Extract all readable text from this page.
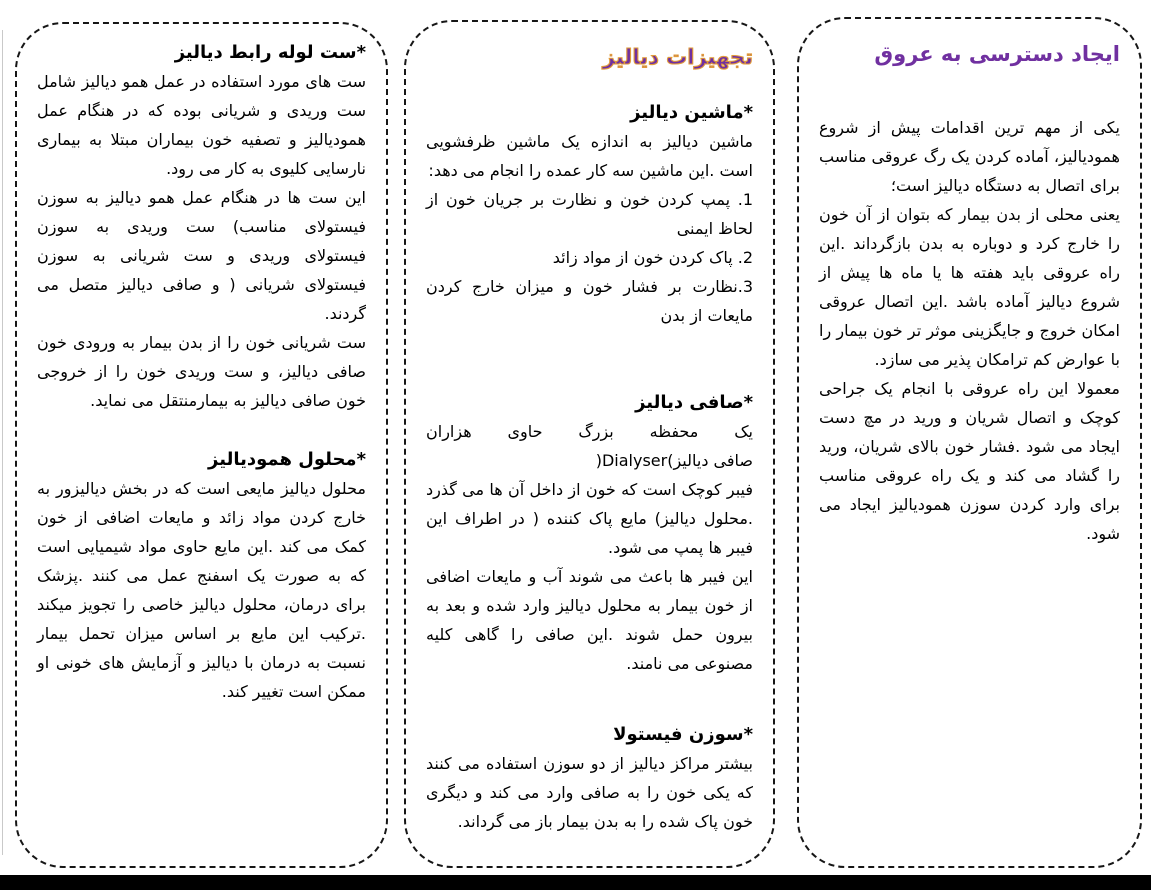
*ست لوله رابط دیالیز
ست های مورد استفاده در عمل همو دیالیز شامل ست وریدی و شریانی بوده که در هنگام عمل همودیالیز و تصفیه خون بیماران مبتلا به بیماری نارسایی کلیوی به کار می رود.
این ست ها در هنگام عمل همو دیالیز به سوزن فیستولای مناسب) ست وریدی به سوزن فیستولای وریدی و ست شریانی به سوزن فیستولای شریانی ( و صافی دیالیز متصل می گردند.
ست شریانی خون را از بدن بیمار به ورودی خون صافی دیالیز، و ست وریدی خون را از خروجی خون صافی دیالیز به بیمارمنتقل می نماید.
*محلول همودیالیز
محلول دیالیز مایعی است که در بخش دیالیزور به خارج کردن مواد زائد و مایعات اضافی از خون کمک می کند .این مایع حاوی مواد شیمیایی است که به صورت یک اسفنج عمل می کنند .پزشک برای درمان، محلول دیالیز خاصی را تجویز میکند .ترکیب این مایع بر اساس میزان تحمل بیمار نسبت به درمان با دیالیز و آزمایش های خونی او ممکن است تغییر کند.
تجهیزات دیالیز
*ماشین دیالیز
ماشین دیالیز به اندازه یک ماشین ظرفشویی است .این ماشین سه کار عمده را انجام می دهد:
1. پمپ کردن خون و نظارت بر جریان خون از لحاظ ایمنی
2. پاک کردن خون از مواد زائد
3.نظارت بر فشار خون و میزان خارج کردن مایعات از بدن
*صافی دیالیز
یک محفظه بزرگ حاوی هزاران
صافی دیالیز)Dialyser(
فیبر کوچک است که خون از داخل آن ها می گذرد .محلول دیالیز) مایع پاک کننده ( در اطراف این فیبر ها پمپ می شود.
این فیبر ها باعث می شوند آب و مایعات اضافی از خون بیمار به محلول دیالیز وارد شده و بعد به بیرون حمل شوند .این صافی را گاهی کلیه مصنوعی می نامند.
*سوزن فیستولا
بیشتر مراکز دیالیز از دو سوزن استفاده می کنند که یکی خون را به صافی وارد می کند و دیگری خون پاک شده را به بدن بیمار باز می گرداند.
ایجاد دسترسی به عروق
یکی از مهم ترین اقدامات پیش از شروع همودیالیز، آماده کردن یک رگ عروقی مناسب برای اتصال به دستگاه دیالیز است؛
یعنی محلی از بدن بیمار که بتوان از آن خون را خارج کرد و دوباره به بدن بازگرداند .این راه عروقی باید هفته ها یا ماه ها پیش از شروع دیالیز آماده باشد .این اتصال عروقی امکان خروج و جایگزینی موثر تر خون بیمار را با عوارض کم ترامکان پذیر می سازد.
معمولا این راه عروقی با انجام یک جراحی کوچک و اتصال شریان و ورید در مچ دست ایجاد می شود .فشار خون بالای شریان، ورید را گشاد می کند و یک راه عروقی مناسب برای وارد کردن سوزن همودیالیز ایجاد می شود.
